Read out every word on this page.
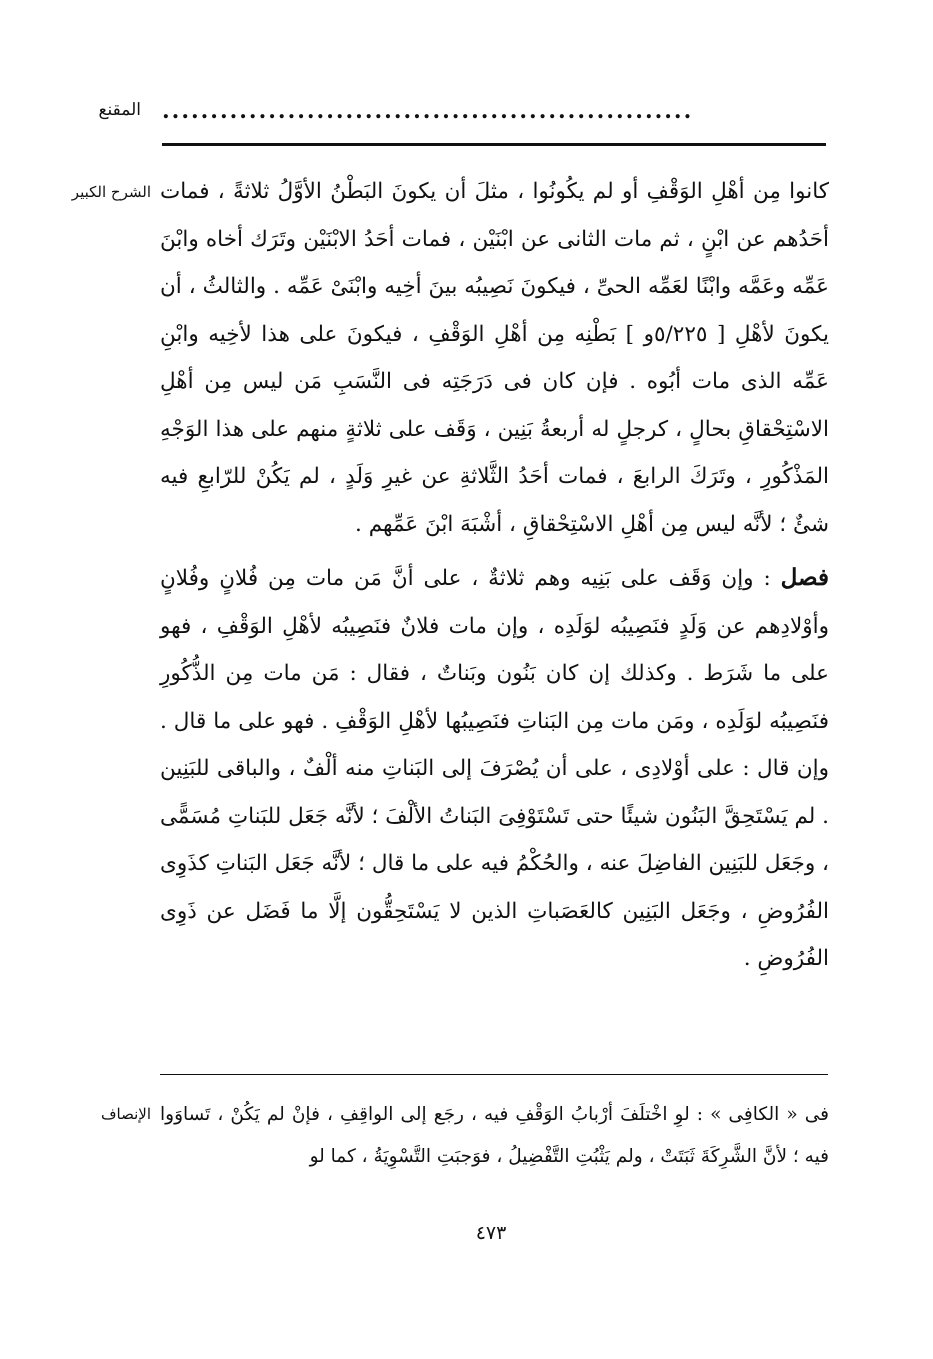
المقنع .......................................................

الشرح الكبير كانوا مِن أهْلِ الوَقْفِ أو لم يكُونُوا ، مثلَ أن يكونَ البَطْنُ الأوَّلُ ثلاثةً ، فمات أحَدُهم عن ابْنٍ ، ثم مات الثانى عن ابْنَيْن ، فمات أحَدُ الابْنَيْن وتَرَك أخاه وابْنَ عَمِّه وعَمَّه وابْنًا لعَمِّه الحىِّ ، فيكونَ نَصِيبُه بينَ أخِيه وابْنَىْ عَمِّه . والثالثُ ، أن يكونَ لأهْلِ [ ٥/٢٢٥و ] بَطْنِه مِن أهْلِ الوَقْفِ ، فيكونَ على هذا لأخِيه وابْنِ عَمِّه الذى مات أبُوه . فإن كان فى دَرَجَتِه فى النَّسَبِ مَن ليس مِن أهْلِ الاسْتِحْقاقِ بحالٍ ، كرجلٍ له أربعةُ بَنِين ، وَقَف على ثلاثةٍ منهم على هذا الوَجْهِ المَذْكُورِ ، وتَرَكَ الرابعَ ، فمات أحَدُ الثَّلاثةِ عن غيرِ وَلَدٍ ، لم يَكُنْ للرّابعِ فيه شئٌ ؛ لأنَّه ليس مِن أهْلِ الاسْتِحْقاقِ ، أشْبَهَ ابْنَ عَمِّهم .

فصل : وإن وَقَف على بَنِيه وهم ثلاثةٌ ، على أنَّ مَن مات مِن فُلانٍ وفُلانٍ وأوْلادِهم عن وَلَدٍ فنَصِيبُه لوَلَدِه ، وإن مات فلانٌ فنَصِيبُه لأهْلِ الوَقْفِ ، فهو على ما شَرَط . وكذلك إن كان بَنُون وبَناتٌ ، فقال : مَن مات مِن الذُّكُورِ فنَصِيبُه لوَلَدِه ، ومَن مات مِن البَناتِ فنَصِيبُها لأهْلِ الوَقْفِ . فهو على ما قال . وإن قال : على أوْلادِى ، على أن يُصْرَفَ إلى البَناتِ منه ألْفٌ ، والباقى للبَنِين . لم يَسْتَحِقَّ البَنُون شيئًا حتى تَسْتَوْفِىَ البَناتُ الألْفَ ؛ لأنَّه جَعَل للبَناتِ مُسَمًّى ، وجَعَل للبَنِين الفاضِلَ عنه ، والحُكْمُ فيه على ما قال ؛ لأنَّه جَعَل البَناتِ كذَوِى الفُرُوضِ ، وجَعَل البَنِين كالعَصَباتِ الذين لا يَسْتَحِقُّون إلَّا ما فَضَل عن ذَوِى الفُرُوضِ .

الإنصاف فى « الكافِى » : لوِ اخْتلَفَ أرْبابُ الوَقْفِ فيه ، رجَع إلى الواقِفِ ، فإنْ لم يَكُنْ ، تَساوَوا فيه ؛ لأنَّ الشَّرِكَةَ ثَبَتَتْ ، ولم يَثْبُتِ التَّفْضِيلُ ، فوَجبَتِ التَّسْوِيَةُ ، كما لو

٤٧٣
